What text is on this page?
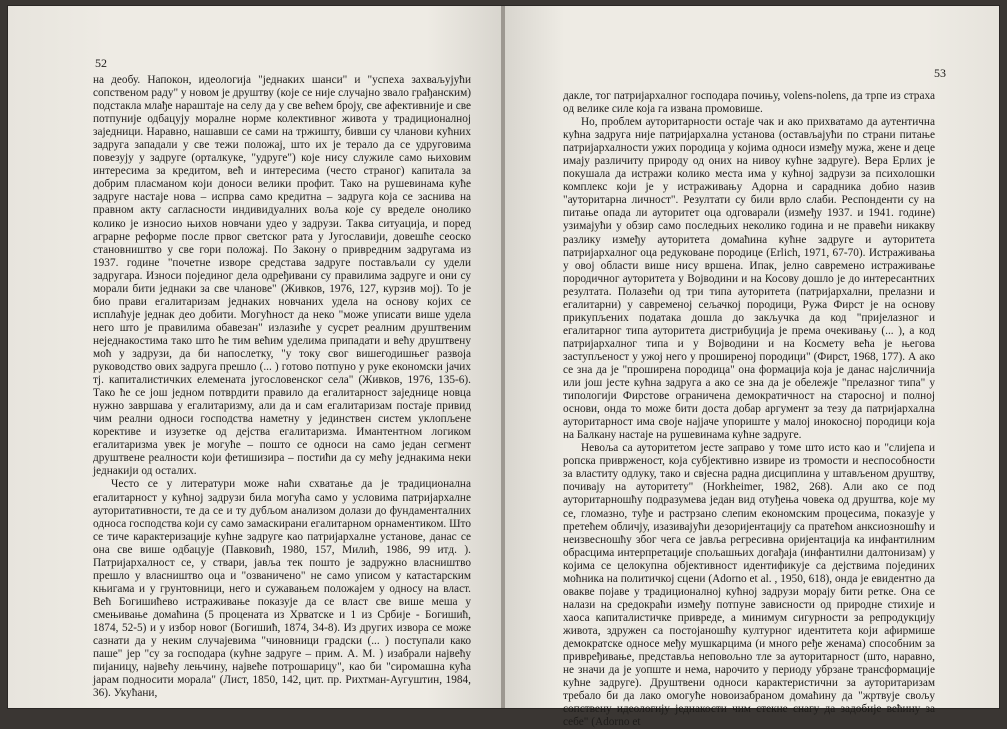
52

на деобу. Напокон, идеологија "једнаких шанси" и "успеха захваљујући сопственом раду" у новом је друштву (које се није случајно звало грађанским) подстакла млађе нараштаје на селу да у све већем броју, све афективније и све потпуније одбацују моралне норме колективног живота у традиционалној заједници. Наравно, нашавши се сами на тржишту, бивши су чланови кућних задруга западали у све тежи положај, што их је терало да се удруговима повезују у задруге (орталкуке, "удруге") које нису служиле само њиховим интересима за кредитом, већ и интересима (често страног) капитала за добрим пласманом који доноси велики профит. Тако на рушевинама куће задруге настаје нова – испрва само кредитна – задруга која се заснива на правном акту сагласности индивидуалних воља које су вределе онолико колико је износио њихов новчани удео у задрузи. Таква ситуација, и поред аграрне реформе после првог светског рата у Југославији, довешће сеоско становништво у све гори положај. По Закону о привредним задругама из 1937. године "почетне изворе средстава задруге постављали су удели задругара. Износи појединог дела одређивани су правилима задруге и они су морали бити једнаки за све чланове" (Живков, 1976, 127, курзив мој). То је био прави егалитаризам једнаких новчаних удела на основу којих се исплаћује једнак део добити. Могућност да неко "може уписати више удела него што је правилима обавезан" излазиће у сусрет реалним друштвеним неједнакостима тако што ће тим већим уделима припадати и већу друштвену моћ у задрузи, да би напослетку, "у току свог вишегодишњег развоја руководство ових задруга прешло (... ) готово потпуно у руке економски јачих тј. капиталистичких елемената југословенског села" (Живков, 1976, 135-6). Тако ће се још једном потврдити правило да егалитарност заједнице новца нужно завршава у егалитаризму, али да и сам егалитаризам постаје привид чим реални односи господства наметну у јединствен систем уклопљене корективе и изузетке од дејства егалитаризма. Имантентном логиком егалитаризма увек је могуће – пошто се односи на само један сегмент друштвене реалности који фетишизира – постићи да су мећу једнакима неки једнакији од осталих.

Често се у литератури може наћи схватање да је традиционална егалитарност у кућној задрузи била могућа само у условима патријархалне ауторитативности, те да се и ту дубљом анализом долази до фундаменталних односа господства који су само замаскирани егалитарном орнаментиком. Што се тиче карактеризације кућне задруге као патријархалне установе, данас се она све више одбацује (Павковић, 1980, 157, Милић, 1986, 99 итд. ). Патријархалност се, у ствари, јавља тек пошто је задружно власништво прешло у власништво оца и "озваничено" не само уписом у катастарским књигама и у грунтовници, него и сужавањем положајем у односу на власт. Већ Богишићево истраживање показује да се власт све више меша у смењивање домаћина (5 процената из Хрватске и 1 из Србије - Богишић, 1874, 52-5) и у избор новог (Богишић, 1874, 34-8). Из других извора се може сазнати да у неким случајевима "чиновници градски (... ) поступали како паше" јер "су за господара (кућне задруге – прим. А. М. ) изабрали највећу пијаницу, највећу лењчину, највеће потрошарицу", као би "сиромашна кућа јарам подносити морала" (Лист, 1850, 142, цит. пр. Рихтман-Аугуштин, 1984, 36). Укућани,

53

дакле, тог патријархалног господара почињу, volens-nolens, да трпе из страха од велике силе која га извана промовише.

Но, проблем ауторитарности остаје чак и ако прихватамо да аутентична кућна задруга није патријархална установа (остављајући по страни питање патријархалности ужих породица у којима односи између мужа, жене и деце имају различиту природу од оних на нивоу кућне задруге). Вера Ерлих је покушала да истражи колико места има у кућној задрузи за психолошки комплекс који је у истраживању Адорна и сарадника добио назив "ауторитарна личност". Резултати су били врло слаби. Респонденти су на питање опада ли ауторитет оца одговарали (између 1937. и 1941. године) узимајући у обзир само последњих неколико година и не правећи никакву разлику између ауторитета домаћина кућне задруге и ауторитета патријархалног оца редуковане породице (Erlich, 1971, 67-70). Истраживања у овој области више нису вршена. Ипак, јелно савремено истраживање породичног ауторитета у Војводини и на Косову дошло је до интересантних резултата. Полазећи од три типа ауторитета (патријархални, прелазни и егалитарни) у савременој сељачкој породици, Ружа Фирст је на основу прикупљених података дошла до закључка да код "пријелазног и егалитарног типа ауторитета дистрибуција је према очекивању (... ), а код патријархалног типа и у Војводини и на Космету већа је његова заступљеност у ужој него у проширеној породици" (Фирст, 1968, 177). А ако се зна да је "проширена породица" она формација која је данас најсличнија или још јесте кућна задруга а ако се зна да је обележје "прелазног типа" у типологији Фирстове ограничена демократичност на старосној и полној основи, онда то може бити доста добар аргумент за тезу да патријархална ауторитарност има своје најјаче упориште у малој инокосној породици која на Балкану настаје на рушевинама кућне задруге.

Невоља са ауторитетом јесте заправо у томе што исто као и "слијепа и ропска привржeност, која субјективно извире из тромости и неспособности за властиту одлуку, тако и свјесна радна дисциплина у штављеном друштву, почивају на ауторитету" (Horkheimer, 1982, 268). Али ако се под ауторитарношћу подразумева један вид отуђења човека од друштва, које му се, гломазно, туђе и растрзано слепим економским процесима, показује у претећем обличју, изазивајући дезоријентацију са пратећом анксиозношћу и неизвесношћу због чега се јавља регресивна оријентација ка инфантилним обрасцима интерпретације спољашњих догађаја (инфантилни далтонизам) у којима се целокупна објективност идентификује са дејствима појединих моћника на политичкој сцени (Adorno et al. , 1950, 618), онда је евидентно да овакве појаве у традиционалној кућној задрузи морају бити ретке. Она се налази на средокраћи између потпуне зависности од природне стихије и хаоса капиталистичке привреде, а минимум сигурности за репродукцију живота, здружен са постојаношћу културног идентитета који афирмише демократске односе међу мушкарцима (и много ређе женама) способним за привређивање, представља неповољно тле за ауторитарност (што, наравно, не значи да је уопште и нема, нарочито у периоду убрзане трансформације кућне задруге). Друштвени односи карактеристични за ауторитаризам требало би да лако омогуће новоизабраном домаћину да "жртвује свољу сопствену идеологију једнакости чим стекне снагу да задобије већину за себе" (Adorno et
